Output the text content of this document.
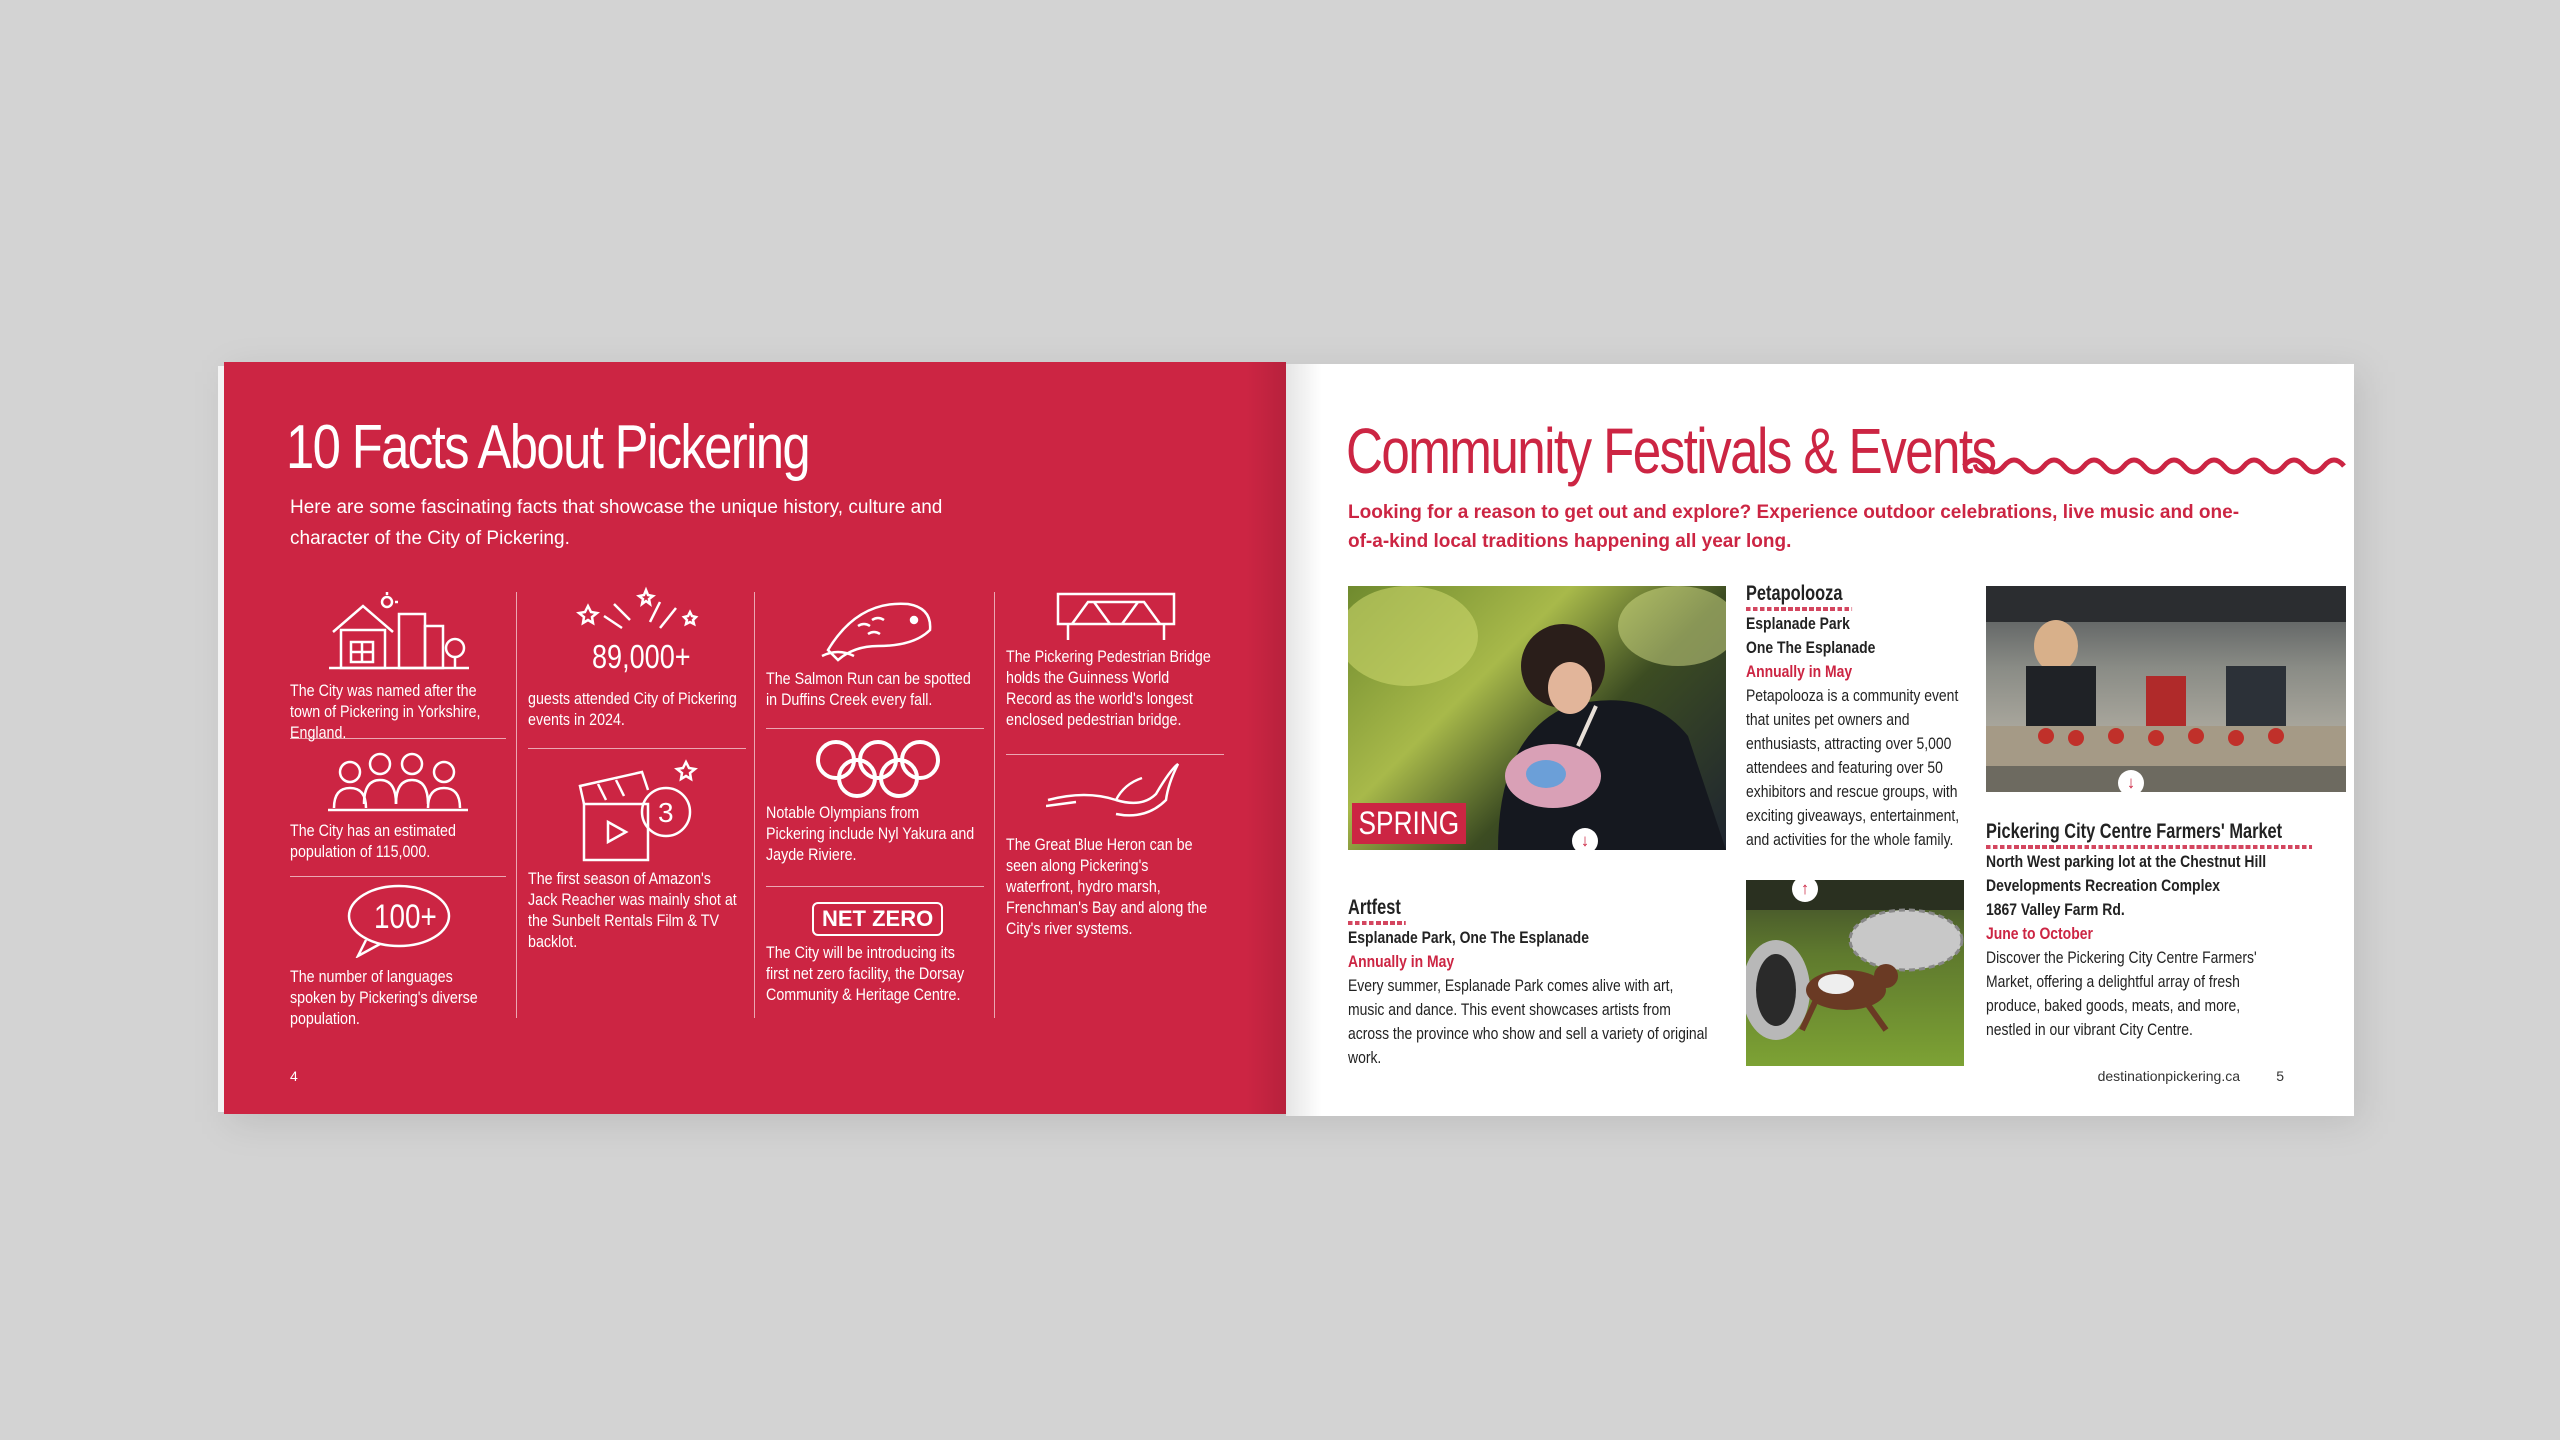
10 Facts About Pickering
Here are some fascinating facts that showcase the unique history, culture and character of the City of Pickering.
The City was named after the town of Pickering in Yorkshire, England.
The City has an estimated population of 115,000.
100+
The number of languages spoken by Pickering's diverse population.
89,000+
guests attended City of Pickering events in 2024.
3
The first season of Amazon's Jack Reacher was mainly shot at the Sunbelt Rentals Film & TV backlot.
The Salmon Run can be spotted in Duffins Creek every fall.
Notable Olympians from Pickering include Nyl Yakura and Jayde Riviere.
NET ZERO
The City will be introducing its first net zero facility, the Dorsay Community & Heritage Centre.
The Pickering Pedestrian Bridge holds the Guinness World Record as the world's longest enclosed pedestrian bridge.
The Great Blue Heron can be seen along Pickering's waterfront, hydro marsh, Frenchman's Bay and along the City's river systems.
4
Community Festivals & Events
Looking for a reason to get out and explore? Experience outdoor celebrations, live music and one-of-a-kind local traditions happening all year long.
SPRING	↓
Petapolooza
Esplanade Park
One The Esplanade
Annually in May
Petapolooza is a community event that unites pet owners and enthusiasts, attracting over 5,000 attendees and featuring over 50 exhibitors and rescue groups, with exciting giveaways, entertainment, and activities for the whole family.
↓
Pickering City Centre Farmers' Market
North West parking lot at the Chestnut Hill Developments Recreation Complex
1867 Valley Farm Rd.
June to October
Discover the Pickering City Centre Farmers' Market, offering a delightful array of fresh produce, baked goods, meats, and more, nestled in our vibrant City Centre.
↑
Artfest
Esplanade Park, One The Esplanade
Annually in May
Every summer, Esplanade Park comes alive with art, music and dance. This event showcases artists from across the province who show and sell a variety of original work.
destinationpickering.ca	5
